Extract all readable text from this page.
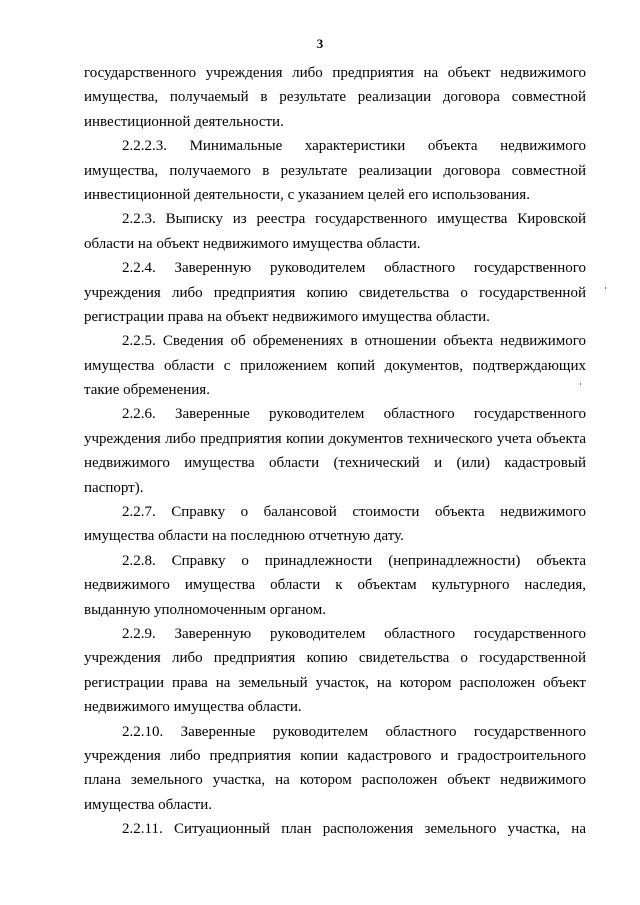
3
государственного учреждения либо предприятия на объект недвижимого
имущества, получаемый в результате реализации договора совместной
инвестиционной деятельности.
2.2.2.3. Минимальные характеристики объекта недвижимого
имущества, получаемого в результате реализации договора совместной
инвестиционной деятельности, с указанием целей его использования.
2.2.3. Выписку из реестра государственного имущества Кировской
области на объект недвижимого имущества области.
2.2.4. Заверенную руководителем областного государственного
учреждения либо предприятия копию свидетельства о государственной
регистрации права на объект недвижимого имущества области.
2.2.5. Сведения об обременениях в отношении объекта недвижимого
имущества области с приложением копий документов, подтверждающих
такие обременения.
2.2.6. Заверенные руководителем областного государственного
учреждения либо предприятия копии документов технического учета объекта
недвижимого имущества области (технический и (или) кадастровый
паспорт).
2.2.7. Справку о балансовой стоимости объекта недвижимого
имущества области на последнюю отчетную дату.
2.2.8. Справку о принадлежности (непринадлежности) объекта
недвижимого имущества области к объектам культурного наследия,
выданную уполномоченным органом.
2.2.9. Заверенную руководителем областного государственного
учреждения либо предприятия копию свидетельства о государственной
регистрации права на земельный участок, на котором расположен объект
недвижимого имущества области.
2.2.10. Заверенные руководителем областного государственного
учреждения либо предприятия копии кадастрового и градостроительного
плана земельного участка, на котором расположен объект недвижимого
имущества области.
2.2.11. Ситуационный план расположения земельного участка, на
